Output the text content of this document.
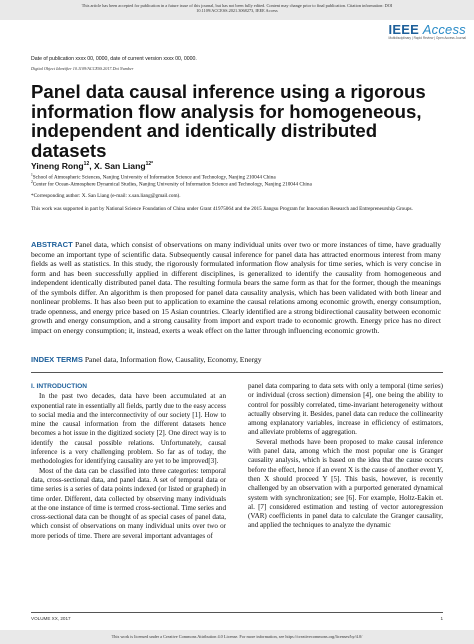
This article has been accepted for publication in a future issue of this journal, but has not been fully edited. Content may change prior to final publication. Citation information: DOI
10.1109/ACCESS.2021.3068273, IEEE Access
IEEE Access
Multidisciplinary | Rapid Review | Open Access Journal
Date of publication xxxx 00, 0000, date of current version xxxx 00, 0000.
Digital Object Identifier 10.1109/ACCESS.2017.Doi Number
Panel data causal inference using a rigorous information flow analysis for homogeneous, independent and identically distributed datasets
Yineng Rong$^{12}$, X. San Liang$^{12*}$
$^1$School of Atmospheric Sciences, Nanjing University of Information Science and Technology, Nanjing 210044 China
$^2$Center for Ocean-Atmosphere Dynamical Studies, Nanjing University of Information Science and Technology, Nanjing 210044 China
*Corresponding author: X. San Liang (e-mail: x.san.liang@gmail.com).
This work was supported in part by National Science Foundation of China under Grant 41975064 and the 2015 Jiangsu Program for Innovation Research and Entrepreneurship Groups.

ABSTRACT Panel data, which consist of observations on many individual units over two or more instances of time, have gradually become an important type of scientific data. Subsequently causal inference for panel data has attracted enormous interest from many fields as well as statistics. In this study, the rigorously formulated information flow analysis for time series, which is very concise in form and has been successfully applied in different disciplines, is generalized to identify the causality from homogeneous and independent identically distributed panel data. The resulting formula bears the same form as that for the former, though the meanings of the symbols differ. An algorithm is then proposed for panel data causality analysis, which has been validated with both linear and nonlinear problems. It has also been put to application to examine the causal relations among economic growth, energy consumption, trade openness, and energy price based on 15 Asian countries. Clearly identified are a strong bidirectional causality between economic growth and energy consumption, and a strong causality from import and export trade to economic growth. Energy price has no direct impact on energy consumption; it, instead, exerts a weak effect on the latter through influencing economic growth.

INDEX TERMS Panel data, Information flow, Causality, Economy, Energy
I. INTRODUCTION

In the past two decades, data have been accumulated at an exponential rate in essentially all fields, partly due to the easy access to social media and the interconnectivity of our society [1]. How to mine the causal information from the different datasets hence becomes a hot issue in the digitized society [2]. One direct way is to identify the causal possible relations. Unfortunately, causal inference is a very challenging problem. So far as of today, the methodologies for identifying causality are yet to be improved[3].

Most of the data can be classified into three categories: temporal data, cross-sectional data, and panel data. A set of temporal data or time series is a series of data points indexed (or listed or graphed) in time order. Different, data collected by observing many individuals at the one instance of time is termed cross-sectional. Time series and cross-sectional data can be thought of as special cases of panel data, which consist of observations on many individual units over two or more periods of time. There are several important advantages of

panel data comparing to data sets with only a temporal (time series) or individual (cross section) dimension [4], one being the ability to control for possibly correlated, time-invariant heterogeneity without actually observing it. Besides, panel data can reduce the collinearity among explanatory variables, increase in efficiency of estimators, and alleviate problems of aggregation.

Several methods have been proposed to make causal inference with panel data, among which the most popular one is Granger causality analysis, which is based on the idea that the cause occurs before the effect, hence if an event X is the cause of another event Y, then X should proceed Y [5]. This basis, however, is recently challenged by an observation with a purported generated dynamical system with synchronization; see [6]. For example, Holtz-Eakin et. al. [7] considered estimation and testing of vector autoregression (VAR) coefficients in panel data to calculate the Granger causality, and applied the techniques to analyze the dynamic

VOLUME XX, 2017	1
This work is licensed under a Creative Commons Attribution 4.0 License. For more information, see https://creativecommons.org/licenses/by/4.0/
